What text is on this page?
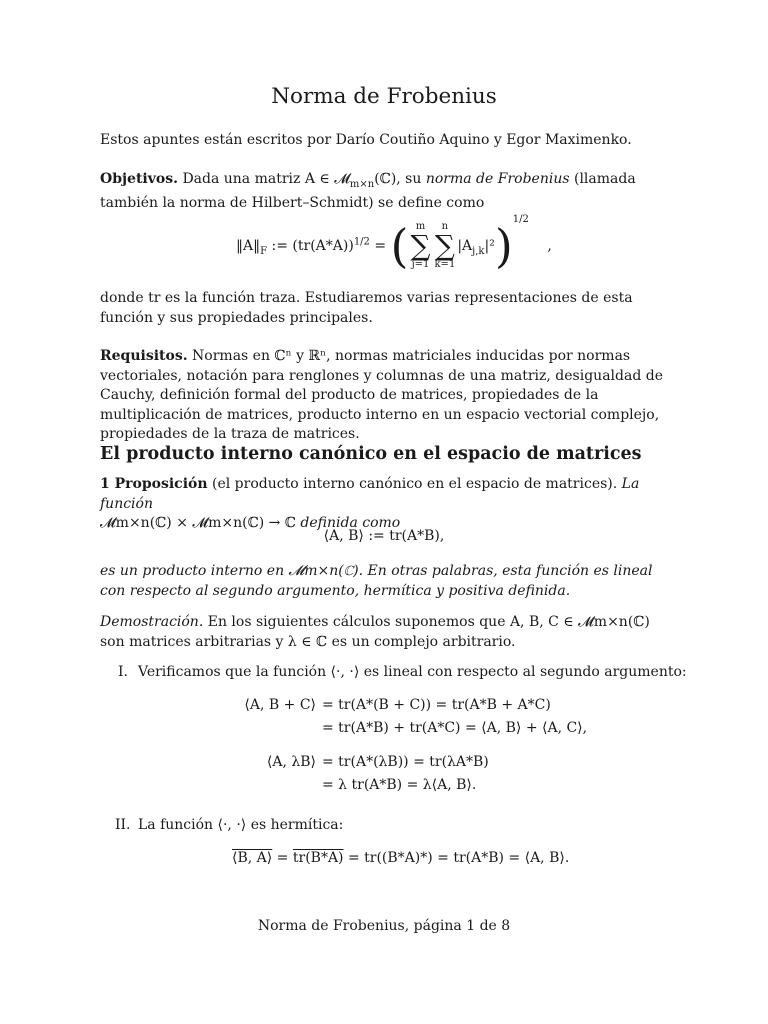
Norma de Frobenius
Estos apuntes están escritos por Darío Coutiño Aquino y Egor Maximenko.
Objetivos. Dada una matriz A ∈ 𝓜$_{m\times n}$(ℂ), su norma de Frobenius (llamada también la norma de Hilbert–Schmidt) se define como
$‖A‖_F$ := $(tr(A*A))^{1/2}$ = ( m
∑
j=1
n
∑
k=1
$|A_{j,k}|^2)^{1/2}$ ,
donde tr es la función traza. Estudiaremos varias representaciones de esta función y sus propiedades principales.
Requisitos. Normas en ℂⁿ y ℝⁿ, normas matriciales inducidas por normas vectoriales, notación para renglones y columnas de una matriz, desigualdad de Cauchy, definición formal del producto de matrices, propiedades de la multiplicación de matrices, producto interno en un espacio vectorial complejo, propiedades de la traza de matrices.
El producto interno canónico en el espacio de matrices
1 Proposición (el producto interno canónico en el espacio de matrices). La función
𝓜m×n(ℂ) × 𝓜m×n(ℂ) → ℂ definida como
⟨A, B⟩ := tr(A*B),
es un producto interno en 𝓜m×n(ℂ). En otras palabras, esta función es lineal con respecto al segundo argumento, hermítica y positiva definida.
Demostración. En los siguientes cálculos suponemos que A, B, C ∈ 𝓜m×n(ℂ) son matrices arbitrarias y λ ∈ ℂ es un complejo arbitrario.
I. Verificamos que la función ⟨·, ·⟩ es lineal con respecto al segundo argumento:
⟨A, B + C⟩ = tr(A*(B + C)) = tr(A*B + A*C)
= tr(A*B) + tr(A*C) = ⟨A, B⟩ + ⟨A, C⟩,
⟨A, λB⟩ = tr(A*(λB)) = tr(λA*B)
= λ tr(A*B) = λ⟨A, B⟩.
II. La función ⟨·, ·⟩ es hermítica:
⟨B, A⟩ = tr(B*A) = tr((B*A)*) = tr(A*B) = ⟨A, B⟩.
Norma de Frobenius, página 1 de 8
